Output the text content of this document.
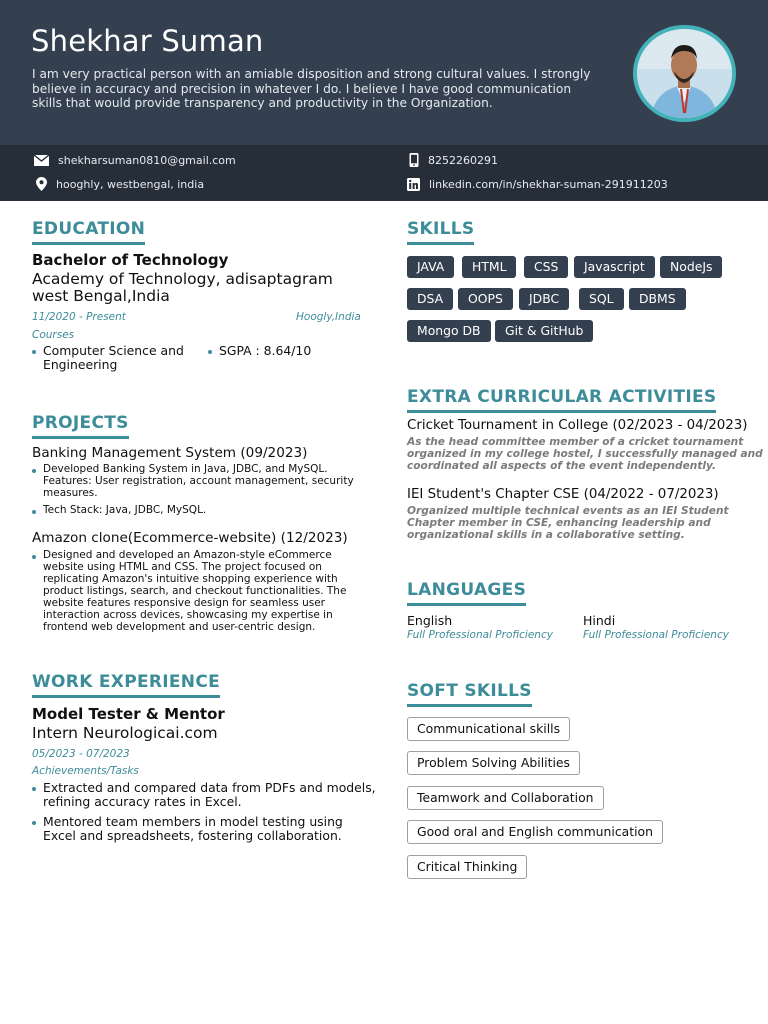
Shekhar Suman
I am very practical person with an amiable disposition and strong cultural values. I strongly believe in accuracy and precision in whatever I do. I believe I have good communication skills that would provide transparency and productivity in the Organization.
shekharsuman0810@gmail.com	8252260291
hooghly, westbengal, india	linkedin.com/in/shekhar-suman-291911203
EDUCATION
Bachelor of Technology
Academy of Technology, adisaptagram
west Bengal,India
11/2020 - Present	Hoogly,India
Courses
Computer Science and
Engineering
SGPA : 8.64/10
PROJECTS
Banking Management System (09/2023)
Developed Banking System in Java, JDBC, and MySQL.
Features: User registration, account management, security
measures.
Tech Stack: Java, JDBC, MySQL.
Amazon clone(Ecommerce-website) (12/2023)
Designed and developed an Amazon-style eCommerce
website using HTML and CSS. The project focused on
replicating Amazon's intuitive shopping experience with
product listings, search, and checkout functionalities. The
website features responsive design for seamless user
interaction across devices, showcasing my expertise in
frontend web development and user-centric design.
WORK EXPERIENCE
Model Tester & Mentor
Intern Neurologicai.com
05/2023 - 07/2023
Achievements/Tasks
Extracted and compared data from PDFs and models,
refining accuracy rates in Excel.
Mentored team members in model testing using
Excel and spreadsheets, fostering collaboration.
SKILLS
JAVA	HTML	CSS	Javascript	NodeJs
DSA	OOPS	JDBC	SQL	DBMS
Mongo DB	Git & GitHub
EXTRA CURRICULAR ACTIVITIES
Cricket Tournament in College (02/2023 - 04/2023)
As the head committee member of a cricket tournament
organized in my college hostel, I successfully managed and
coordinated all aspects of the event independently.
IEI Student's Chapter CSE (04/2022 - 07/2023)
Organized multiple technical events as an IEI Student
Chapter member in CSE, enhancing leadership and
organizational skills in a collaborative setting.
LANGUAGES
English
Full Professional Proficiency
Hindi
Full Professional Proficiency
SOFT SKILLS
Communicational skills
Problem Solving Abilities
Teamwork and Collaboration
Good oral and English communication
Critical Thinking
